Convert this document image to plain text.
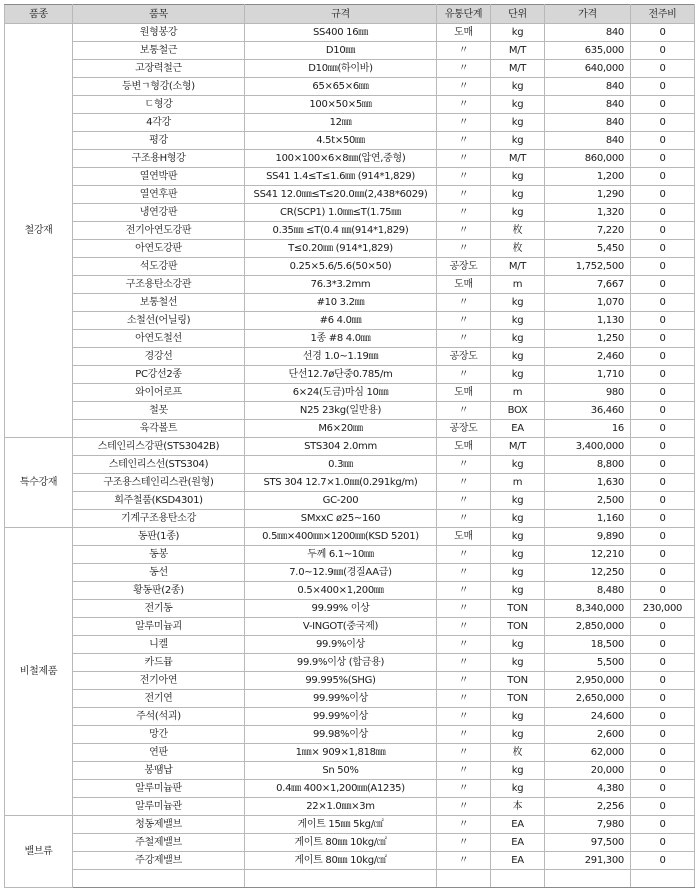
품종	품목	규격	유통단계	단위	가격	전주비
철강재	원형봉강	SS400 16㎜	도매	kg	840	0
	보통철근	D10㎜	〃	M/T	635,000	0
	고장력철근	D10㎜(하이바)	〃	M/T	640,000	0
	등변ㄱ형강(소형)	65×65×6㎜	〃	kg	840	0
	ㄷ형강	100×50×5㎜	〃	kg	840	0
	4각강	12㎜	〃	kg	840	0
	평강	4.5t×50㎜	〃	kg	840	0
	구조용H형강	100×100×6×8㎜(압연,중형)	〃	M/T	860,000	0
	열연박판	SS41 1.4≤T≤1.6㎜ (914*1,829)	〃	kg	1,200	0
	열연후판	SS41 12.0㎜≤T≤20.0㎜(2,438*6029)	〃	kg	1,290	0
	냉연강판	CR(SCP1) 1.0㎜≤T(1.75㎜	〃	kg	1,320	0
	전기아연도강판	0.35㎜ ≤T(0.4 ㎜(914*1,829)	〃	枚	7,220	0
	아연도강판	T≤0.20㎜ (914*1,829)	〃	枚	5,450	0
	석도강판	0.25×5.6/5.6(50×50)	공장도	M/T	1,752,500	0
	구조용탄소강관	76.3*3.2mm	도매	m	7,667	0
	보통철선	#10 3.2㎜	〃	kg	1,070	0
	소철선(어닐링)	#6 4.0㎜	〃	kg	1,130	0
	아연도철선	1종 #8 4.0㎜	〃	kg	1,250	0
	경강선	선경 1.0~1.19㎜	공장도	kg	2,460	0
	PC강선2종	단선12.7ø단중0.785/m	〃	kg	1,710	0
	와이어로프	6×24(도금)마심 10㎜	도매	m	980	0
	철못	N25 23kg(일반용)	〃	BOX	36,460	0
	육각볼트	M6×20㎜	공장도	EA	16	0
특수강재	스테인리스강판(STS3042B)	STS304 2.0mm	도매	M/T	3,400,000	0
	스테인리스선(STS304)	0.3㎜	〃	kg	8,800	0
	구조용스테인리스관(원형)	STS 304 12.7×1.0㎜(0.291kg/m)	〃	m	1,630	0
	회주철품(KSD4301)	GC-200	〃	kg	2,500	0
	기계구조용탄소강	SMxxC ø25~160	〃	kg	1,160	0
비철제품	동판(1종)	0.5㎜×400㎜×1200㎜(KSD 5201)	도매	kg	9,890	0
	동봉	두께 6.1~10㎜	〃	kg	12,210	0
	동선	7.0~12.9㎜(경질AA급)	〃	kg	12,250	0
	황동판(2종)	0.5×400×1,200㎜	〃	kg	8,480	0
	전기동	99.99% 이상	〃	TON	8,340,000	230,000
	알루미늄괴	V-INGOT(중국제)	〃	TON	2,850,000	0
	니켈	99.9%이상	〃	kg	18,500	0
	카드뮴	99.9%이상 (합금용)	〃	kg	5,500	0
	전기아연	99.995%(SHG)	〃	TON	2,950,000	0
	전기연	99.99%이상	〃	TON	2,650,000	0
	주석(석괴)	99.99%이상	〃	kg	24,600	0
	망간	99.98%이상	〃	kg	2,600	0
	연판	1㎜× 909×1,818㎜	〃	枚	62,000	0
	봉땜납	Sn 50%	〃	kg	20,000	0
	알루미늄판	0.4㎜ 400×1,200㎜(A1235)	〃	kg	4,380	0
	알루미늄관	22×1.0㎜×3m	〃	本	2,256	0
밸브류	청동제밸브	게이트 15㎜ 5kg/㎠	〃	EA	7,980	0
	주철제밸브	게이트 80㎜ 10kg/㎠	〃	EA	97,500	0
	주강제밸브	게이트 80㎜ 10kg/㎠	〃	EA	291,300	0
